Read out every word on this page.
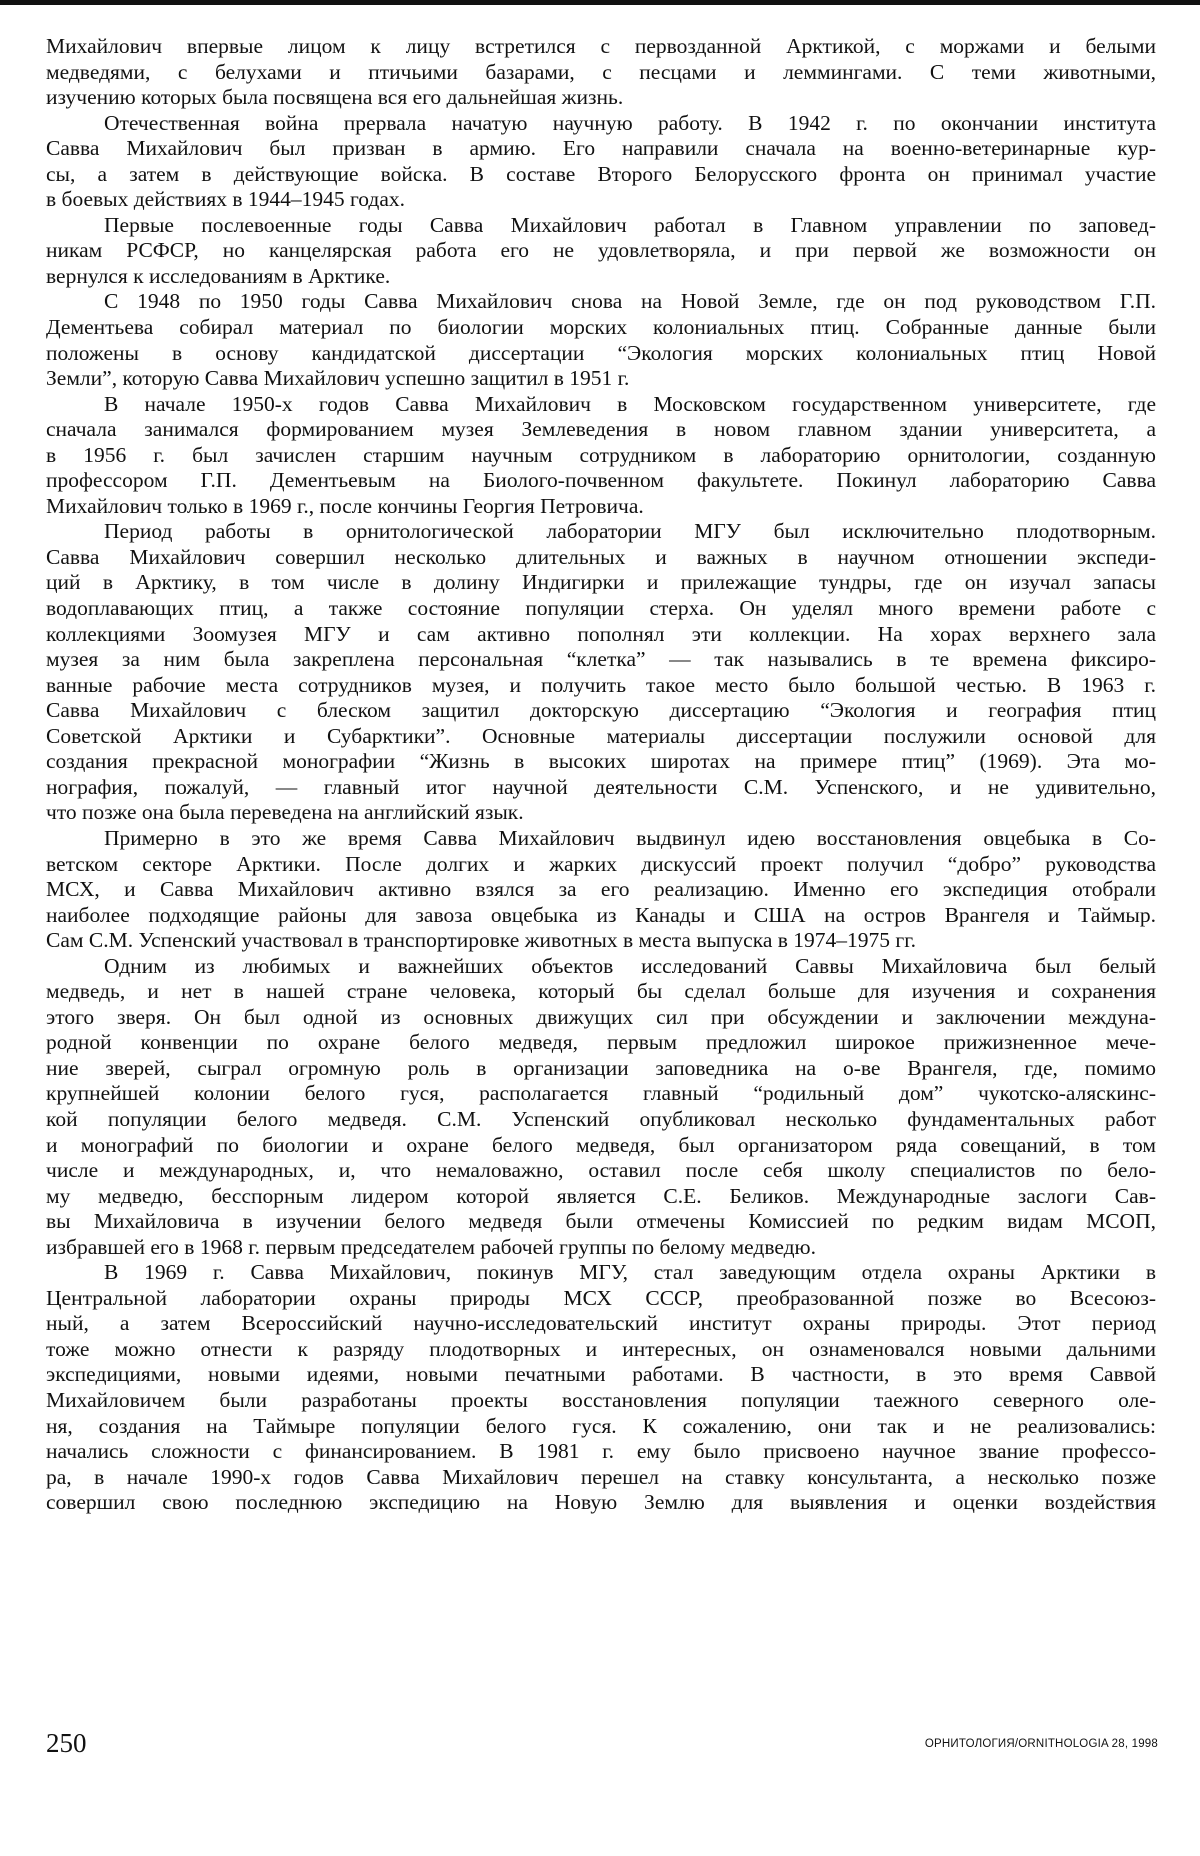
Михайлович впервые лицом к лицу встретился с первозданной Арктикой, с моржами и белыми
медведями, с белухами и птичьими базарами, с песцами и леммингами. С теми животными,
изучению которых была посвящена вся его дальнейшая жизнь.
Отечественная война прервала начатую научную работу. В 1942 г. по окончании института
Савва Михайлович был призван в армию. Его направили сначала на военно-ветеринарные кур-
сы, а затем в действующие войска. В составе Второго Белорусского фронта он принимал участие
в боевых действиях в 1944–1945 годах.
Первые послевоенные годы Савва Михайлович работал в Главном управлении по заповед-
никам РСФСР, но канцелярская работа его не удовлетворяла, и при первой же возможности он
вернулся к исследованиям в Арктике.
С 1948 по 1950 годы Савва Михайлович снова на Новой Земле, где он под руководством Г.П.
Дементьева собирал материал по биологии морских колониальных птиц. Собранные данные были
положены в основу кандидатской диссертации “Экология морских колониальных птиц Новой
Земли”, которую Савва Михайлович успешно защитил в 1951 г.
В начале 1950-х годов Савва Михайлович в Московском государственном университете, где
сначала занимался формированием музея Землеведения в новом главном здании университета, а
в 1956 г. был зачислен старшим научным сотрудником в лабораторию орнитологии, созданную
профессором Г.П. Дементьевым на Биолого-почвенном факультете. Покинул лабораторию Савва
Михайлович только в 1969 г., после кончины Георгия Петровича.
Период работы в орнитологической лаборатории МГУ был исключительно плодотворным.
Савва Михайлович совершил несколько длительных и важных в научном отношении экспеди-
ций в Арктику, в том числе в долину Индигирки и прилежащие тундры, где он изучал запасы
водоплавающих птиц, а также состояние популяции стерха. Он уделял много времени работе с
коллекциями Зоомузея МГУ и сам активно пополнял эти коллекции. На хорах верхнего зала
музея за ним была закреплена персональная “клетка” — так назывались в те времена фиксиро-
ванные рабочие места сотрудников музея, и получить такое место было большой честью. В 1963 г.
Савва Михайлович с блеском защитил докторскую диссертацию “Экология и география птиц
Советской Арктики и Субарктики”. Основные материалы диссертации послужили основой для
создания прекрасной монографии “Жизнь в высоких широтах на примере птиц” (1969). Эта мо-
нография, пожалуй, — главный итог научной деятельности С.М. Успенского, и не удивительно,
что позже она была переведена на английский язык.
Примерно в это же время Савва Михайлович выдвинул идею восстановления овцебыка в Со-
ветском секторе Арктики. После долгих и жарких дискуссий проект получил “добро” руководства
МСХ, и Савва Михайлович активно взялся за его реализацию. Именно его экспедиция отобрали
наиболее подходящие районы для завоза овцебыка из Канады и США на остров Врангеля и Таймыр.
Сам С.М. Успенский участвовал в транспортировке животных в места выпуска в 1974–1975 гг.
Одним из любимых и важнейших объектов исследований Саввы Михайловича был белый
медведь, и нет в нашей стране человека, который бы сделал больше для изучения и сохранения
этого зверя. Он был одной из основных движущих сил при обсуждении и заключении междуна-
родной конвенции по охране белого медведя, первым предложил широкое прижизненное мече-
ние зверей, сыграл огромную роль в организации заповедника на о-ве Врангеля, где, помимо
крупнейшей колонии белого гуся, располагается главный “родильный дом” чукотско-аляскинс-
кой популяции белого медведя. С.М. Успенский опубликовал несколько фундаментальных работ
и монографий по биологии и охране белого медведя, был организатором ряда совещаний, в том
числе и международных, и, что немаловажно, оставил после себя школу специалистов по бело-
му медведю, бесспорным лидером которой является С.Е. Беликов. Международные заслоги Сав-
вы Михайловича в изучении белого медведя были отмечены Комиссией по редким видам МСОП,
избравшей его в 1968 г. первым председателем рабочей группы по белому медведю.
В 1969 г. Савва Михайлович, покинув МГУ, стал заведующим отдела охраны Арктики в
Центральной лаборатории охраны природы МСХ СССР, преобразованной позже во Всесоюз-
ный, а затем Всероссийский научно-исследовательский институт охраны природы. Этот период
тоже можно отнести к разряду плодотворных и интересных, он ознаменовался новыми дальними
экспедициями, новыми идеями, новыми печатными работами. В частности, в это время Саввой
Михайловичем были разработаны проекты восстановления популяции таежного северного оле-
ня, создания на Таймыре популяции белого гуся. К сожалению, они так и не реализовались:
начались сложности с финансированием. В 1981 г. ему было присвоено научное звание профессо-
ра, в начале 1990-х годов Савва Михайлович перешел на ставку консультанта, а несколько позже
совершил свою последнюю экспедицию на Новую Землю для выявления и оценки воздействия
250	ОРНИТОЛОГИЯ/ORNITHOLOGIA 28, 1998
